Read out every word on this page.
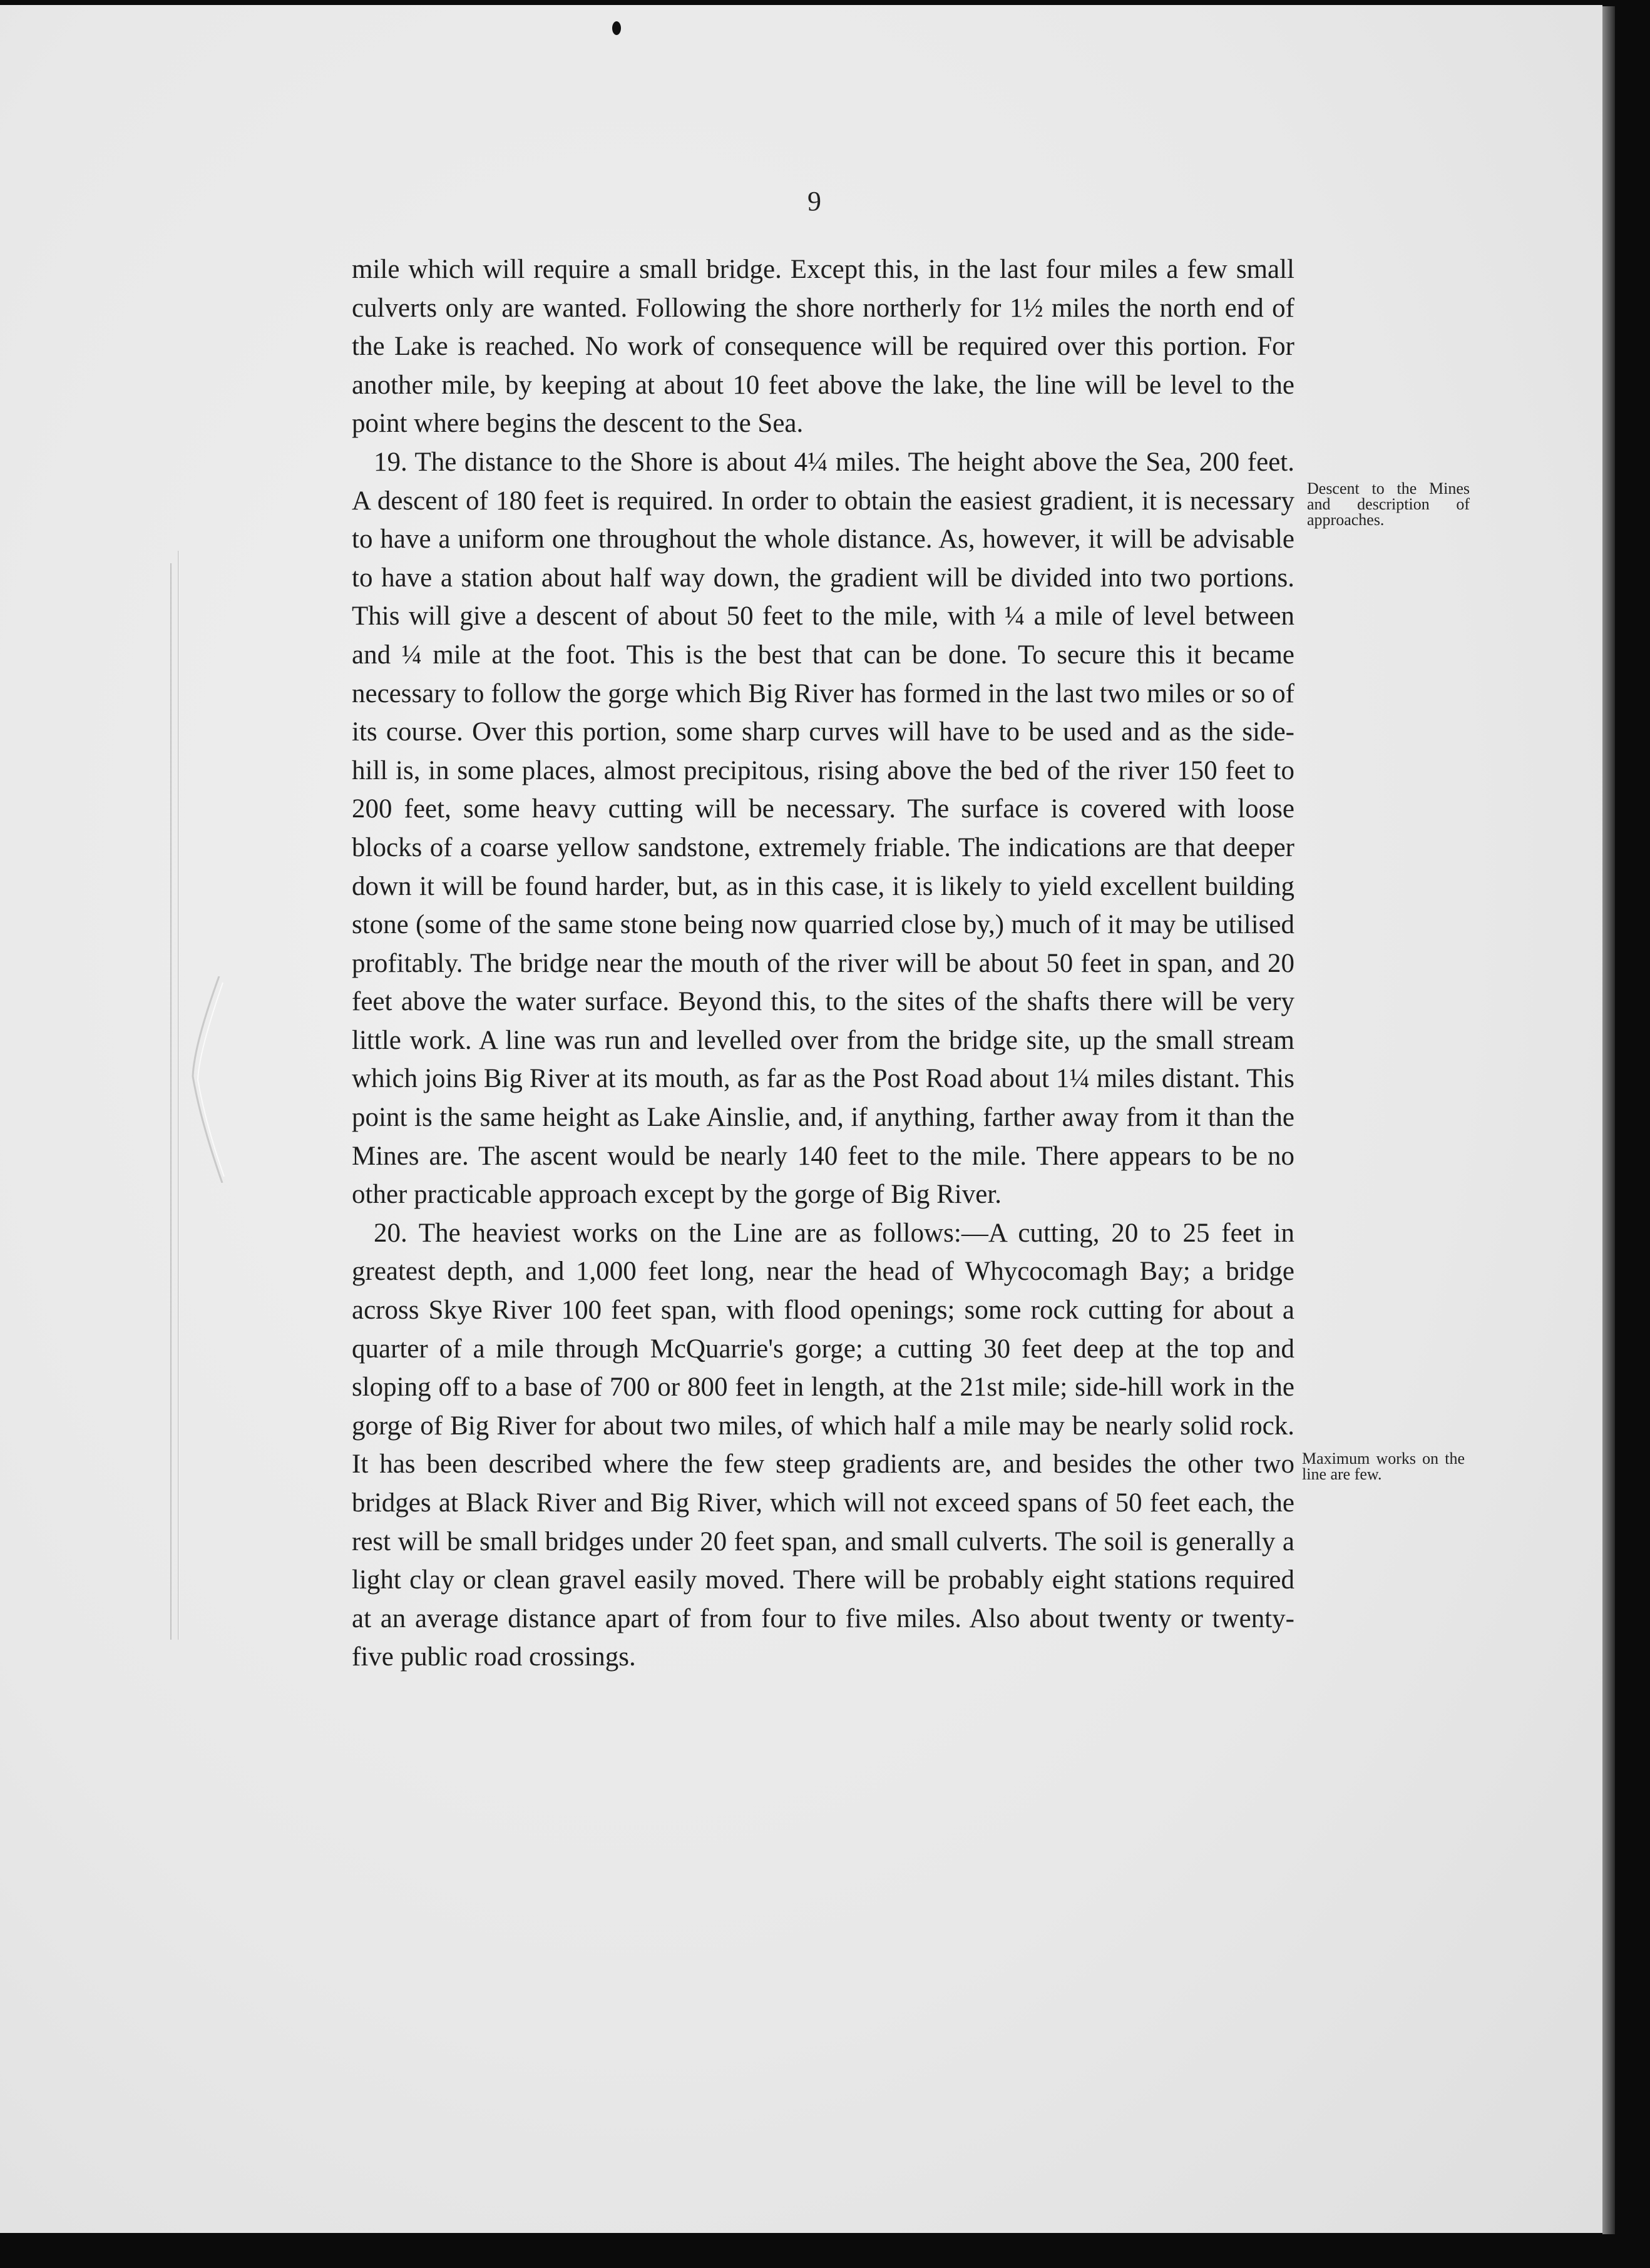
9

mile which will require a small bridge. Except this, in the last four miles a few small culverts only are wanted. Following the shore northerly for 1½ miles the north end of the Lake is reached. No work of consequence will be required over this portion. For another mile, by keeping at about 10 feet above the lake, the line will be level to the point where begins the descent to the Sea.

19. The distance to the Shore is about 4¼ miles. The height above the Sea, 200 feet. A descent of 180 feet is required. In order to obtain the easiest gradient, it is necessary to have a uniform one throughout the whole distance. As, however, it will be advisable to have a station about half way down, the gradient will be divided into two portions. This will give a descent of about 50 feet to the mile, with ¼ a mile of level between and ¼ mile at the foot. This is the best that can be done. To secure this it became necessary to follow the gorge which Big River has formed in the last two miles or so of its course. Over this portion, some sharp curves will have to be used and as the side-hill is, in some places, almost precipitous, rising above the bed of the river 150 feet to 200 feet, some heavy cutting will be necessary. The surface is covered with loose blocks of a coarse yellow sandstone, extremely friable. The indications are that deeper down it will be found harder, but, as in this case, it is likely to yield excellent building stone (some of the same stone being now quarried close by,) much of it may be utilised profitably. The bridge near the mouth of the river will be about 50 feet in span, and 20 feet above the water surface. Beyond this, to the sites of the shafts there will be very little work. A line was run and levelled over from the bridge site, up the small stream which joins Big River at its mouth, as far as the Post Road about 1¼ miles distant. This point is the same height as Lake Ainslie, and, if anything, farther away from it than the Mines are. The ascent would be nearly 140 feet to the mile. There appears to be no other practicable approach except by the gorge of Big River.

20. The heaviest works on the Line are as follows:—A cutting, 20 to 25 feet in greatest depth, and 1,000 feet long, near the head of Whycocomagh Bay; a bridge across Skye River 100 feet span, with flood openings; some rock cutting for about a quarter of a mile through McQuarrie's gorge; a cutting 30 feet deep at the top and sloping off to a base of 700 or 800 feet in length, at the 21st mile; side-hill work in the gorge of Big River for about two miles, of which half a mile may be nearly solid rock. It has been described where the few steep gradients are, and besides the other two bridges at Black River and Big River, which will not exceed spans of 50 feet each, the rest will be small bridges under 20 feet span, and small culverts. The soil is generally a light clay or clean gravel easily moved. There will be probably eight stations required at an average distance apart of from four to five miles. Also about twenty or twenty-five public road crossings.

Descent to the Mines and description of approaches.
Maximum works on the line are few.
